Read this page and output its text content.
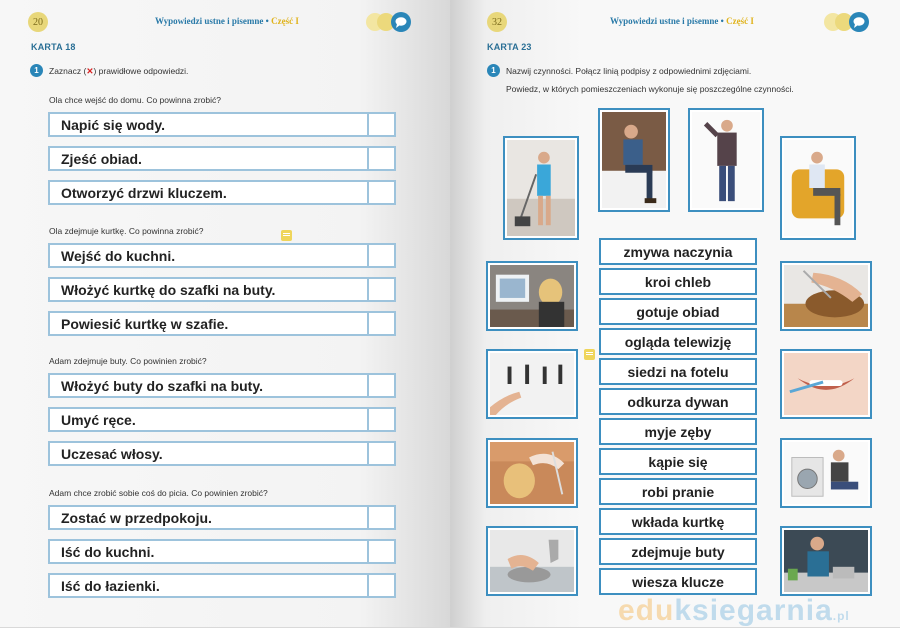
20	Wypowiedzi ustne i pisemne • Część I
KARTA 18
1	Zaznacz (✕) prawidłowe odpowiedzi.
Ola chce wejść do domu. Co powinna zrobić?
Napić się wody.
Zjeść obiad.
Otworzyć drzwi kluczem.
Ola zdejmuje kurtkę. Co powinna zrobić?
Wejść do kuchni.
Włożyć kurtkę do szafki na buty.
Powiesić kurtkę w szafie.
Adam zdejmuje buty. Co powinien zrobić?
Włożyć buty do szafki na buty.
Umyć ręce.
Uczesać włosy.
Adam chce zrobić sobie coś do picia. Co powinien zrobić?
Zostać w przedpokoju.
Iść do kuchni.
Iść do łazienki.
32	Wypowiedzi ustne i pisemne • Część I
KARTA 23
1	Nazwij czynności. Połącz linią podpisy z odpowiednimi zdjęciami.
Powiedz, w których pomieszczeniach wykonuje się poszczególne czynności.
zmywa naczynia
kroi chleb
gotuje obiad
ogląda telewizję
siedzi na fotelu
odkurza dywan
myje zęby
kąpie się
robi pranie
wkłada kurtkę
zdejmuje buty
wiesza klucze
eduksiegarnia.pl
